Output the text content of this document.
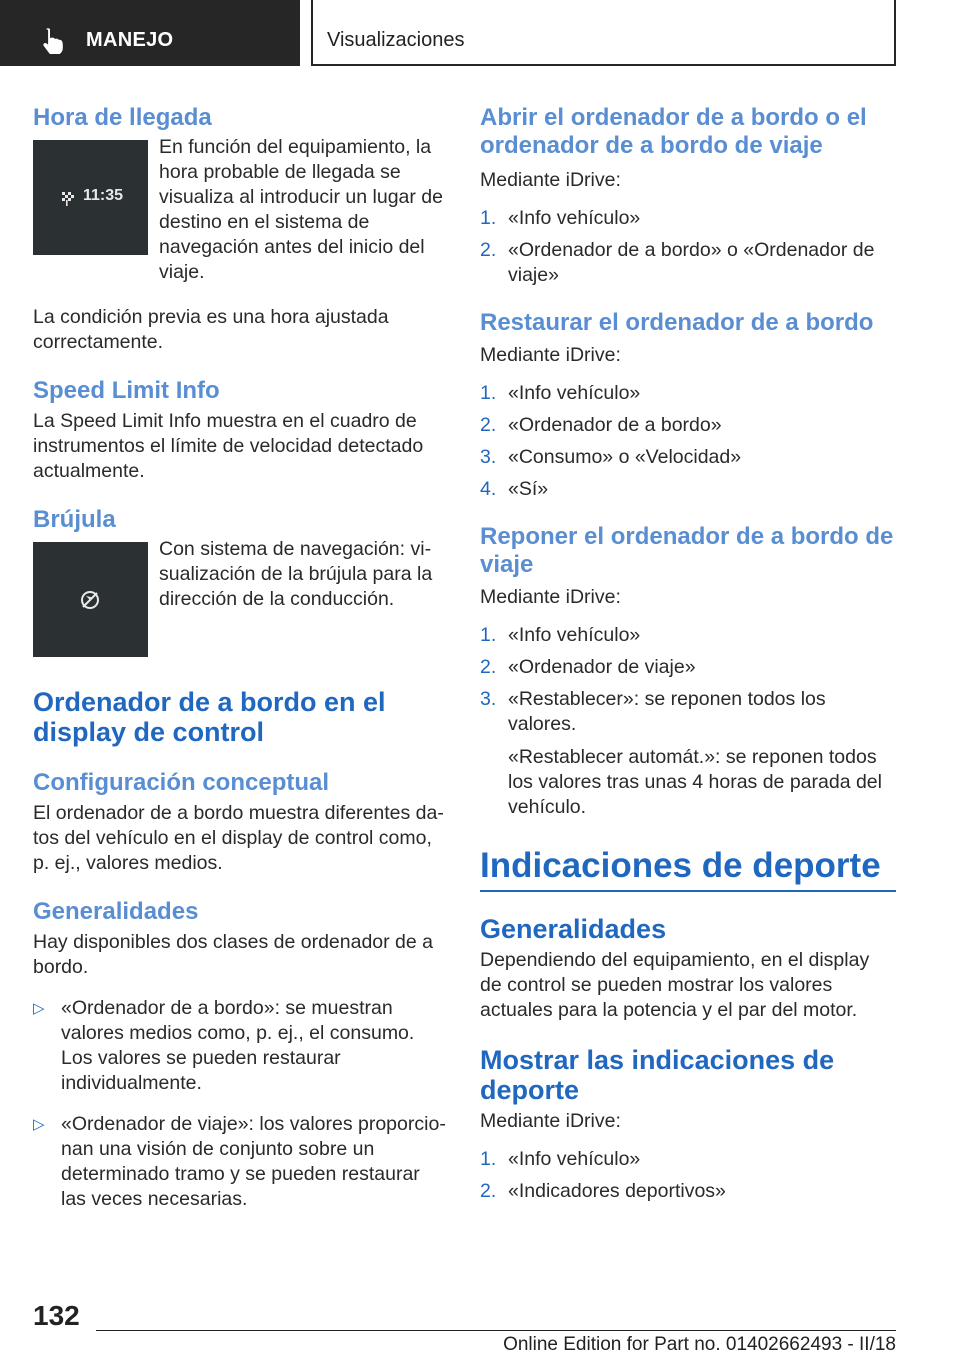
MANEJO	Visualizaciones
Hora de llegada
11:35
En función del equipamiento, la hora probable de llegada se visualiza al introducir un lugar de destino en el sistema de navegación antes del inicio del viaje.
La condición previa es una hora ajustada correctamente.
Speed Limit Info
La Speed Limit Info muestra en el cuadro de instrumentos el límite de velocidad detectado actualmente.
Brújula
Con sistema de navegación: visualización de la brújula para la dirección de la conducción.
Ordenador de a bordo en el display de control
Configuración conceptual
El ordenador de a bordo muestra diferentes datos del vehículo en el display de control como, p. ej., valores medios.
Generalidades
Hay disponibles dos clases de ordenador de a bordo.
▷ «Ordenador de a bordo»: se muestran valores medios como, p. ej., el consumo. Los valores se pueden restaurar individualmente.
▷ «Ordenador de viaje»: los valores proporcionan una visión de conjunto sobre un determinado tramo y se pueden restaurar las veces necesarias.
Abrir el ordenador de a bordo o el ordenador de a bordo de viaje
Mediante iDrive:
1. «Info vehículo»
2. «Ordenador de a bordo» o «Ordenador de viaje»
Restaurar el ordenador de a bordo
Mediante iDrive:
1. «Info vehículo»
2. «Ordenador de a bordo»
3. «Consumo» o «Velocidad»
4. «Sí»
Reponer el ordenador de a bordo de viaje
Mediante iDrive:
1. «Info vehículo»
2. «Ordenador de viaje»
3. «Restablecer»: se reponen todos los valores.
«Restablecer automát.»: se reponen todos los valores tras unas 4 horas de parada del vehículo.
Indicaciones de deporte
Generalidades
Dependiendo del equipamiento, en el display de control se pueden mostrar los valores actuales para la potencia y el par del motor.
Mostrar las indicaciones de deporte
Mediante iDrive:
1. «Info vehículo»
2. «Indicadores deportivos»
132
Online Edition for Part no. 01402662493 - II/18
